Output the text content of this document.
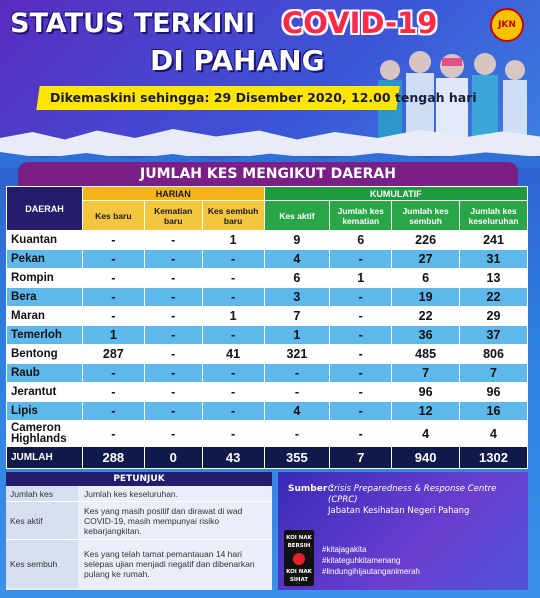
STATUS TERKINI COVID-19
DI PAHANG
JKN
Dikemaskini sehingga: 29 Disember 2020, 12.00 tengah hari
JUMLAH KES MENGIKUT DAERAH
DAERAH	HARIAN			KUMULATIF			
	Kes baru	Kematian baru	Kes sembuh baru	Kes aktif	Jumlah kes kematian	Jumlah kes sembuh	Jumlah kes keseluruhan
Kuantan	-	-	1	9	6	226	241
Pekan	-	-	-	4	-	27	31
Rompin	-	-	-	6	1	6	13
Bera	-	-	-	3	-	19	22
Maran	-	-	1	7	-	22	29
Temerloh	1	-	-	1	-	36	37
Bentong	287	-	41	321	-	485	806
Raub	-	-	-	-	-	7	7
Jerantut	-	-	-	-	-	96	96
Lipis	-	-	-	4	-	12	16
Cameron Highlands	-	-	-	-	-	4	4
JUMLAH	288	0	43	355	7	940	1302
PETUNJUK
Jumlah kes	Jumlah kes keseluruhan.
Kes aktif
Kes yang masih positif dan dirawat di wad COVID-19, masih mempunyai risiko kebarjangkitan.
Kes sembuh
Kes yang telah tamat pemantauan 14 hari selepas ujian menjadi negatif dan dibenarkan pulang ke rumah.
Sumber :
Crisis Preparedness & Response Centre (CPRC)
Jabatan Kesihatan Negeri Pahang
KOI NAK BERSIH
KOI NAK SIHAT
#kitajagakita
#kitateguhkitamenang
#lindungihijautanganimerah
